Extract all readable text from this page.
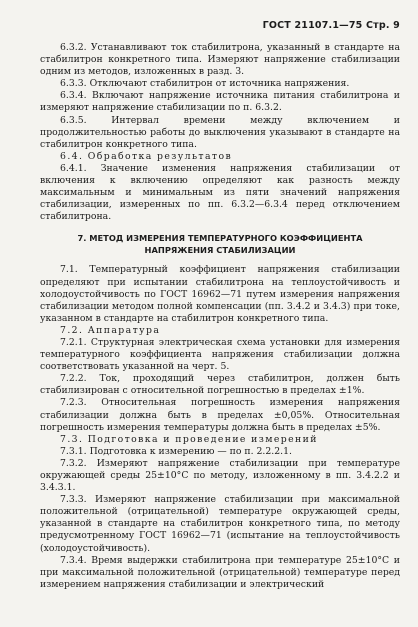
ГОСТ 21107.1—75 Стр. 9

6.3.2. Устанавливают ток стабилитрона, указанный в стандарте на стабилитрон конкретного типа. Измеряют напряжение стабилизации одним из методов, изложенных в разд. 3.

6.3.3. Отключают стабилитрон от источника напряжения.

6.3.4. Включают напряжение источника питания стабилитрона и измеряют напряжение стабилизации по п. 6.3.2.

6.3.5. Интервал времени между включением и продолжительностью работы до выключения указывают в стандарте на стабилитрон конкретного типа.

6.4. Обработка результатов

6.4.1. Значение изменения напряжения стабилизации от включения к включению определяют как разность между максимальным и минимальным из пяти значений напряжения стабилизации, измеренных по пп. 6.3.2—6.3.4 перед отключением стабилитрона.

7. МЕТОД ИЗМЕРЕНИЯ ТЕМПЕРАТУРНОГО КОЭФФИЦИЕНТА
НАПРЯЖЕНИЯ СТАБИЛИЗАЦИИ

7.1. Температурный коэффициент напряжения стабилизации определяют при испытании стабилитрона на теплоустойчивость и холодоустойчивость по ГОСТ 16962—71 путем измерения напряжения стабилизации методом полной компенсации (пп. 3.4.2 и 3.4.3) при токе, указанном в стандарте на стабилитрон конкретного типа.

7.2. Аппаратура

7.2.1. Структурная электрическая схема установки для измерения температурного коэффициента напряжения стабилизации должна соответствовать указанной на черт. 5.

7.2.2. Ток, проходящий через стабилитрон, должен быть стабилизирован с относительной погрешностью в пределах ±1%.

7.2.3. Относительная погрешность измерения напряжения стабилизации должна быть в пределах ±0,05%. Относительная погрешность измерения температуры должна быть в пределах ±5%.

7.3. Подготовка и проведение измерений

7.3.1. Подготовка к измерению — по п. 2.2.2.1.

7.3.2. Измеряют напряжение стабилизации при температуре окружающей среды 25±10°С по методу, изложенному в пп. 3.4.2.2 и 3.4.3.1.

7.3.3. Измеряют напряжение стабилизации при максимальной положительной (отрицательной) температуре окружающей среды, указанной в стандарте на стабилитрон конкретного типа, по методу предусмотренному ГОСТ 16962—71 (испытание на теплоустойчивость (холодоустойчивость).

7.3.4. Время выдержки стабилитрона при температуре 25±10°С и при максимальной положительной (отрицательной) температуре перед измерением напряжения стабилизации и электрический
